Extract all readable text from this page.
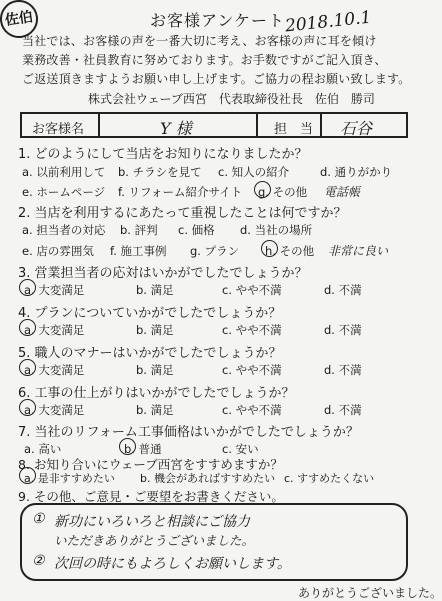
お客様アンケート 2018.10.1
佐伯
当社では、お客様の声を一番大切に考え、お客様の声に耳を傾け
業務改善・社員教育に努めております。お手数ですがご記入頂き、
ご返送頂きますようお願い申し上げます。ご協力の程お願い致します。
株式会社ウェーブ西宮　代表取締役社長　佐伯　勝司
お客様名	Y 様	担　当 石谷
1. どのようにして当店をお知りになりましたか？
a. 以前利用して b. チラシを見て c. 知人の紹介	d. 通りがかり
e. ホームページ f. リフォーム紹介サイト g. その他 電話帳
2. 当店を利用するにあたって重視したことは何ですか？
a. 担当者の対応 b. 評判 c. 価格 d. 当社の場所
e. 店の雰囲気 f. 施工事例 g. プラン h. その他 非常に良い
3. 営業担当者の応対はいかがでしたでしょうか？
a. 大変満足	b. 満足	c. やや不満	d. 不満
4. プランについていかがでしたでしょうか？
a. 大変満足	b. 満足	c. やや不満	d. 不満
5. 職人のマナーはいかがでしたでしょうか？
a. 大変満足	b. 満足	c. やや不満	d. 不満
6. 工事の仕上がりはいかがでしたでしょうか？
a. 大変満足	b. 満足	c. やや不満	d. 不満
7. 当社のリフォーム工事価格はいかがでしたでしょうか？
a. 高い	b. 普通	c. 安い
8. お知り合いにウェーブ西宮をすすめますか？
a. 是非すすめたい b. 機会があればすすめたい c. すすめたくない
① 新功にいろいろと相談にご協力
いただきありがとうございました。
② 次回の時にもよろしくお願いします。
9. その他、ご意見・ご要望をお書きください。
ありがとうございました。
